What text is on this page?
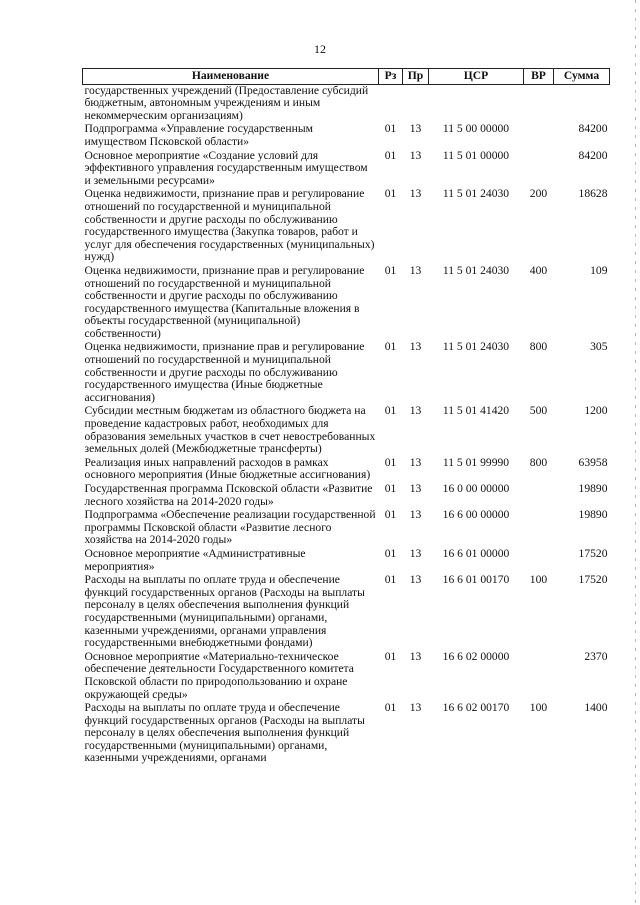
12
Наименование	Рз	Пр	ЦСР	ВР	Сумма
государственных учреждений (Предоставление субсидий бюджетным, автономным учреждениям и иным некоммерческим организациям)					
Подпрограмма «Управление государственным имуществом Псковской области»	01	13	11 5 00 00000		84200
Основное мероприятие «Создание условий для эффективного управления государственным имуществом и земельными ресурсами»	01	13	11 5 01 00000		84200
Оценка недвижимости, признание прав и регулирование отношений по государственной и муниципальной собственности и другие расходы по обслуживанию государственного имущества (Закупка товаров, работ и услуг для обеспечения государственных (муниципальных) нужд)	01	13	11 5 01 24030	200	18628
Оценка недвижимости, признание прав и регулирование отношений по государственной и муниципальной собственности и другие расходы по обслуживанию государственного имущества (Капитальные вложения в объекты государственной (муниципальной) собственности)	01	13	11 5 01 24030	400	109
Оценка недвижимости, признание прав и регулирование отношений по государственной и муниципальной собственности и другие расходы по обслуживанию государственного имущества (Иные бюджетные ассигнования)	01	13	11 5 01 24030	800	305
Субсидии местным бюджетам из областного бюджета на проведение кадастровых работ, необходимых для образования земельных участков в счет невостребованных земельных долей (Межбюджетные трансферты)	01	13	11 5 01 41420	500	1200
Реализация иных направлений расходов в рамках основного мероприятия (Иные бюджетные ассигнования)	01	13	11 5 01 99990	800	63958
Государственная программа Псковской области «Развитие лесного хозяйства на 2014-2020 годы»	01	13	16 0 00 00000		19890
Подпрограмма «Обеспечение реализации государственной программы Псковской области «Развитие лесного хозяйства на 2014-2020 годы»	01	13	16 6 00 00000		19890
Основное мероприятие «Административные мероприятия»	01	13	16 6 01 00000		17520
Расходы на выплаты по оплате труда и обеспечение функций государственных органов (Расходы на выплаты персоналу в целях обеспечения выполнения функций государственными (муниципальными) органами, казенными учреждениями, органами управления государственными внебюджетными фондами)	01	13	16 6 01 00170	100	17520
Основное мероприятие «Материально-техническое обеспечение деятельности Государственного комитета Псковской области по природопользованию и охране окружающей среды»	01	13	16 6 02 00000		2370
Расходы на выплаты по оплате труда и обеспечение функций государственных органов (Расходы на выплаты персоналу в целях обеспечения выполнения функций государственными (муниципальными) органами, казенными учреждениями, органами	01	13	16 6 02 00170	100	1400
